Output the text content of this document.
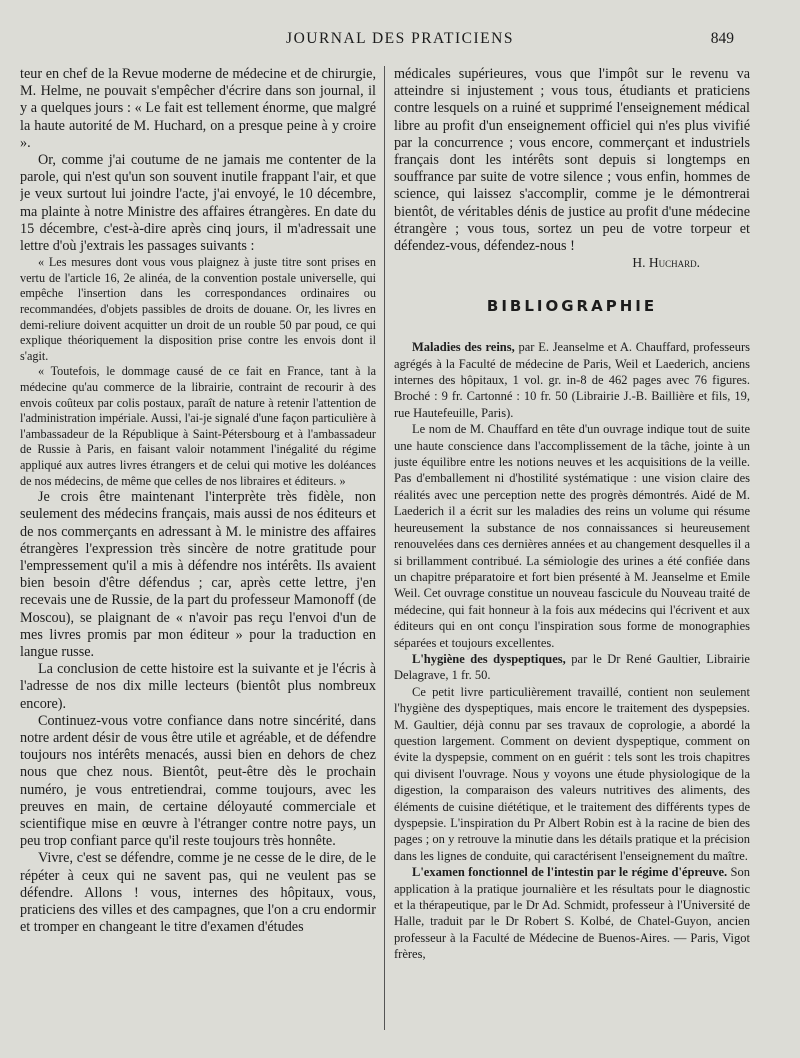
JOURNAL DES PRATICIENS	849

teur en chef de la Revue moderne de médecine et de chirurgie, M. Helme, ne pouvait s'empêcher d'écrire dans son journal, il y a quelques jours : « Le fait est tellement énorme, que malgré la haute autorité de M. Huchard, on a presque peine à y croire ».

Or, comme j'ai coutume de ne jamais me contenter de la parole, qui n'est qu'un son souvent inutile frappant l'air, et que je veux surtout lui joindre l'acte, j'ai envoyé, le 10 décembre, ma plainte à notre Ministre des affaires étrangères. En date du 15 décembre, c'est-à-dire après cinq jours, il m'adressait une lettre d'où j'extrais les passages suivants :

« Les mesures dont vous vous plaignez à juste titre sont prises en vertu de l'article 16, 2e alinéa, de la convention postale universelle, qui empêche l'insertion dans les correspondances ordinaires ou recommandées, d'objets passibles de droits de douane. Or, les livres en demi-reliure doivent acquitter un droit de un rouble 50 par poud, ce qui explique théoriquement la disposition prise contre les envois dont il s'agit.

« Toutefois, le dommage causé de ce fait en France, tant à la médecine qu'au commerce de la librairie, contraint de recourir à des envois coûteux par colis postaux, paraît de nature à retenir l'attention de l'administration impériale. Aussi, l'ai-je signalé d'une façon particulière à l'ambassadeur de la République à Saint-Pétersbourg et à l'ambassadeur de Russie à Paris, en faisant valoir notamment l'inégalité du régime appliqué aux autres livres étrangers et de celui qui motive les doléances de nos médecins, de même que celles de nos libraires et éditeurs. »

Je crois être maintenant l'interprète très fidèle, non seulement des médecins français, mais aussi de nos éditeurs et de nos commerçants en adressant à M. le ministre des affaires étrangères l'expression très sincère de notre gratitude pour l'empressement qu'il a mis à défendre nos intérêts. Ils avaient bien besoin d'être défendus ; car, après cette lettre, j'en recevais une de Russie, de la part du professeur Mamonoff (de Moscou), se plaignant de « n'avoir pas reçu l'envoi d'un de mes livres promis par mon éditeur » pour la traduction en langue russe.

La conclusion de cette histoire est la suivante et je l'écris à l'adresse de nos dix mille lecteurs (bientôt plus nombreux encore).

Continuez-vous votre confiance dans notre sincérité, dans notre ardent désir de vous être utile et agréable, et de défendre toujours nos intérêts menacés, aussi bien en dehors de chez nous que chez nous. Bientôt, peut-être dès le prochain numéro, je vous entretiendrai, comme toujours, avec les preuves en main, de certaine déloyauté commerciale et scientifique mise en œuvre à l'étranger contre notre pays, un peu trop confiant parce qu'il reste toujours très honnête.

Vivre, c'est se défendre, comme je ne cesse de le dire, de le répéter à ceux qui ne savent pas, qui ne veulent pas se défendre. Allons ! vous, internes des hôpitaux, vous, praticiens des villes et des campagnes, que l'on a cru endormir et tromper en changeant le titre d'examen d'études

médicales supérieures, vous que l'impôt sur le revenu va atteindre si injustement ; vous tous, étudiants et praticiens contre lesquels on a ruiné et supprimé l'enseignement médical libre au profit d'un enseignement officiel qui n'es plus vivifié par la concurrence ; vous encore, commerçant et industriels français dont les intérêts sont depuis si longtemps en souffrance par suite de votre silence ; vous enfin, hommes de science, qui laissez s'accomplir, comme je le démontrerai bientôt, de véritables dénis de justice au profit d'une médecine étrangère ; vous tous, sortez un peu de votre torpeur et défendez-vous, défendez-nous !

H. Huchard.

BIBLIOGRAPHIE

Maladies des reins, par E. Jeanselme et A. Chauffard, professeurs agrégés à la Faculté de médecine de Paris, Weil et Laederich, anciens internes des hôpitaux, 1 vol. gr. in-8 de 462 pages avec 76 figures. Broché : 9 fr. Cartonné : 10 fr. 50 (Librairie J.-B. Baillière et fils, 19, rue Hautefeuille, Paris).

Le nom de M. Chauffard en tête d'un ouvrage indique tout de suite une haute conscience dans l'accomplissement de la tâche, jointe à un juste équilibre entre les notions neuves et les acquisitions de la veille. Pas d'emballement ni d'hostilité systématique : une vision claire des réalités avec une perception nette des progrès démontrés. Aidé de M. Laederich il a écrit sur les maladies des reins un volume qui résume heureusement la substance de nos connaissances si heureusement renouvelées dans ces dernières années et au changement desquelles il a si brillamment contribué. La sémiologie des urines a été confiée dans un chapitre préparatoire et fort bien présenté à M. Jeanselme et Emile Weil. Cet ouvrage constitue un nouveau fascicule du Nouveau traité de médecine, qui fait honneur à la fois aux médecins qui l'écrivent et aux éditeurs qui en ont conçu l'inspiration sous forme de monographies séparées et toujours excellentes.

L'hygiène des dyspeptiques, par le Dr René Gaultier, Librairie Delagrave, 1 fr. 50.

Ce petit livre particulièrement travaillé, contient non seulement l'hygiène des dyspeptiques, mais encore le traitement des dyspepsies. M. Gaultier, déjà connu par ses travaux de coprologie, a abordé la question largement. Comment on devient dyspeptique, comment on évite la dyspepsie, comment on en guérit : tels sont les trois chapitres qui divisent l'ouvrage. Nous y voyons une étude physiologique de la digestion, la comparaison des valeurs nutritives des aliments, des éléments de cuisine diététique, et le traitement des différents types de dyspepsie. L'inspiration du Pr Albert Robin est à la racine de bien des pages ; on y retrouve la minutie dans les détails pratique et la précision dans les lignes de conduite, qui caractérisent l'enseignement du maître.

L'examen fonctionnel de l'intestin par le régime d'épreuve. Son application à la pratique journalière et les résultats pour le diagnostic et la thérapeutique, par le Dr Ad. Schmidt, professeur à l'Université de Halle, traduit par le Dr Robert S. Kolbé, de Chatel-Guyon, ancien professeur à la Faculté de Médecine de Buenos-Aires. — Paris, Vigot frères,
